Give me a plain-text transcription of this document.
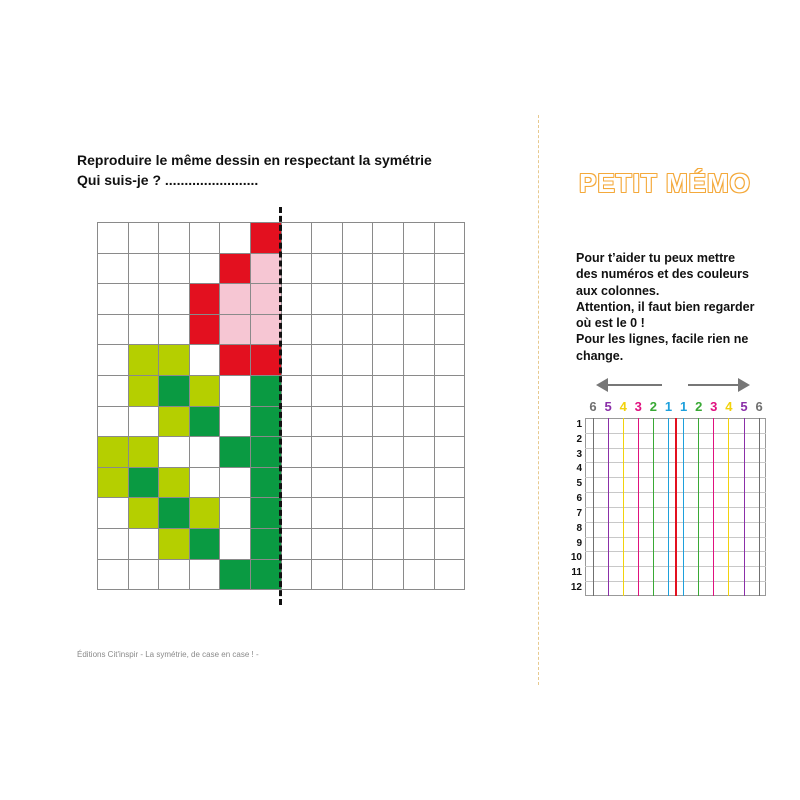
Reproduire le même dessin en respectant la symétrie
Qui suis-je ? ........................
Éditions Cit'inspir - La symétrie, de case en case ! -
PETIT MÉMO
Pour t’aider tu peux mettre
des numéros et des couleurs
aux colonnes.
Attention, il faut bien regarder
où est le 0 !
Pour les lignes, facile rien ne
change.
6 5 4 3 2 1 1 2 3 4 5 6
1
2
3
4
5
6
7
8
9
10
11
12
